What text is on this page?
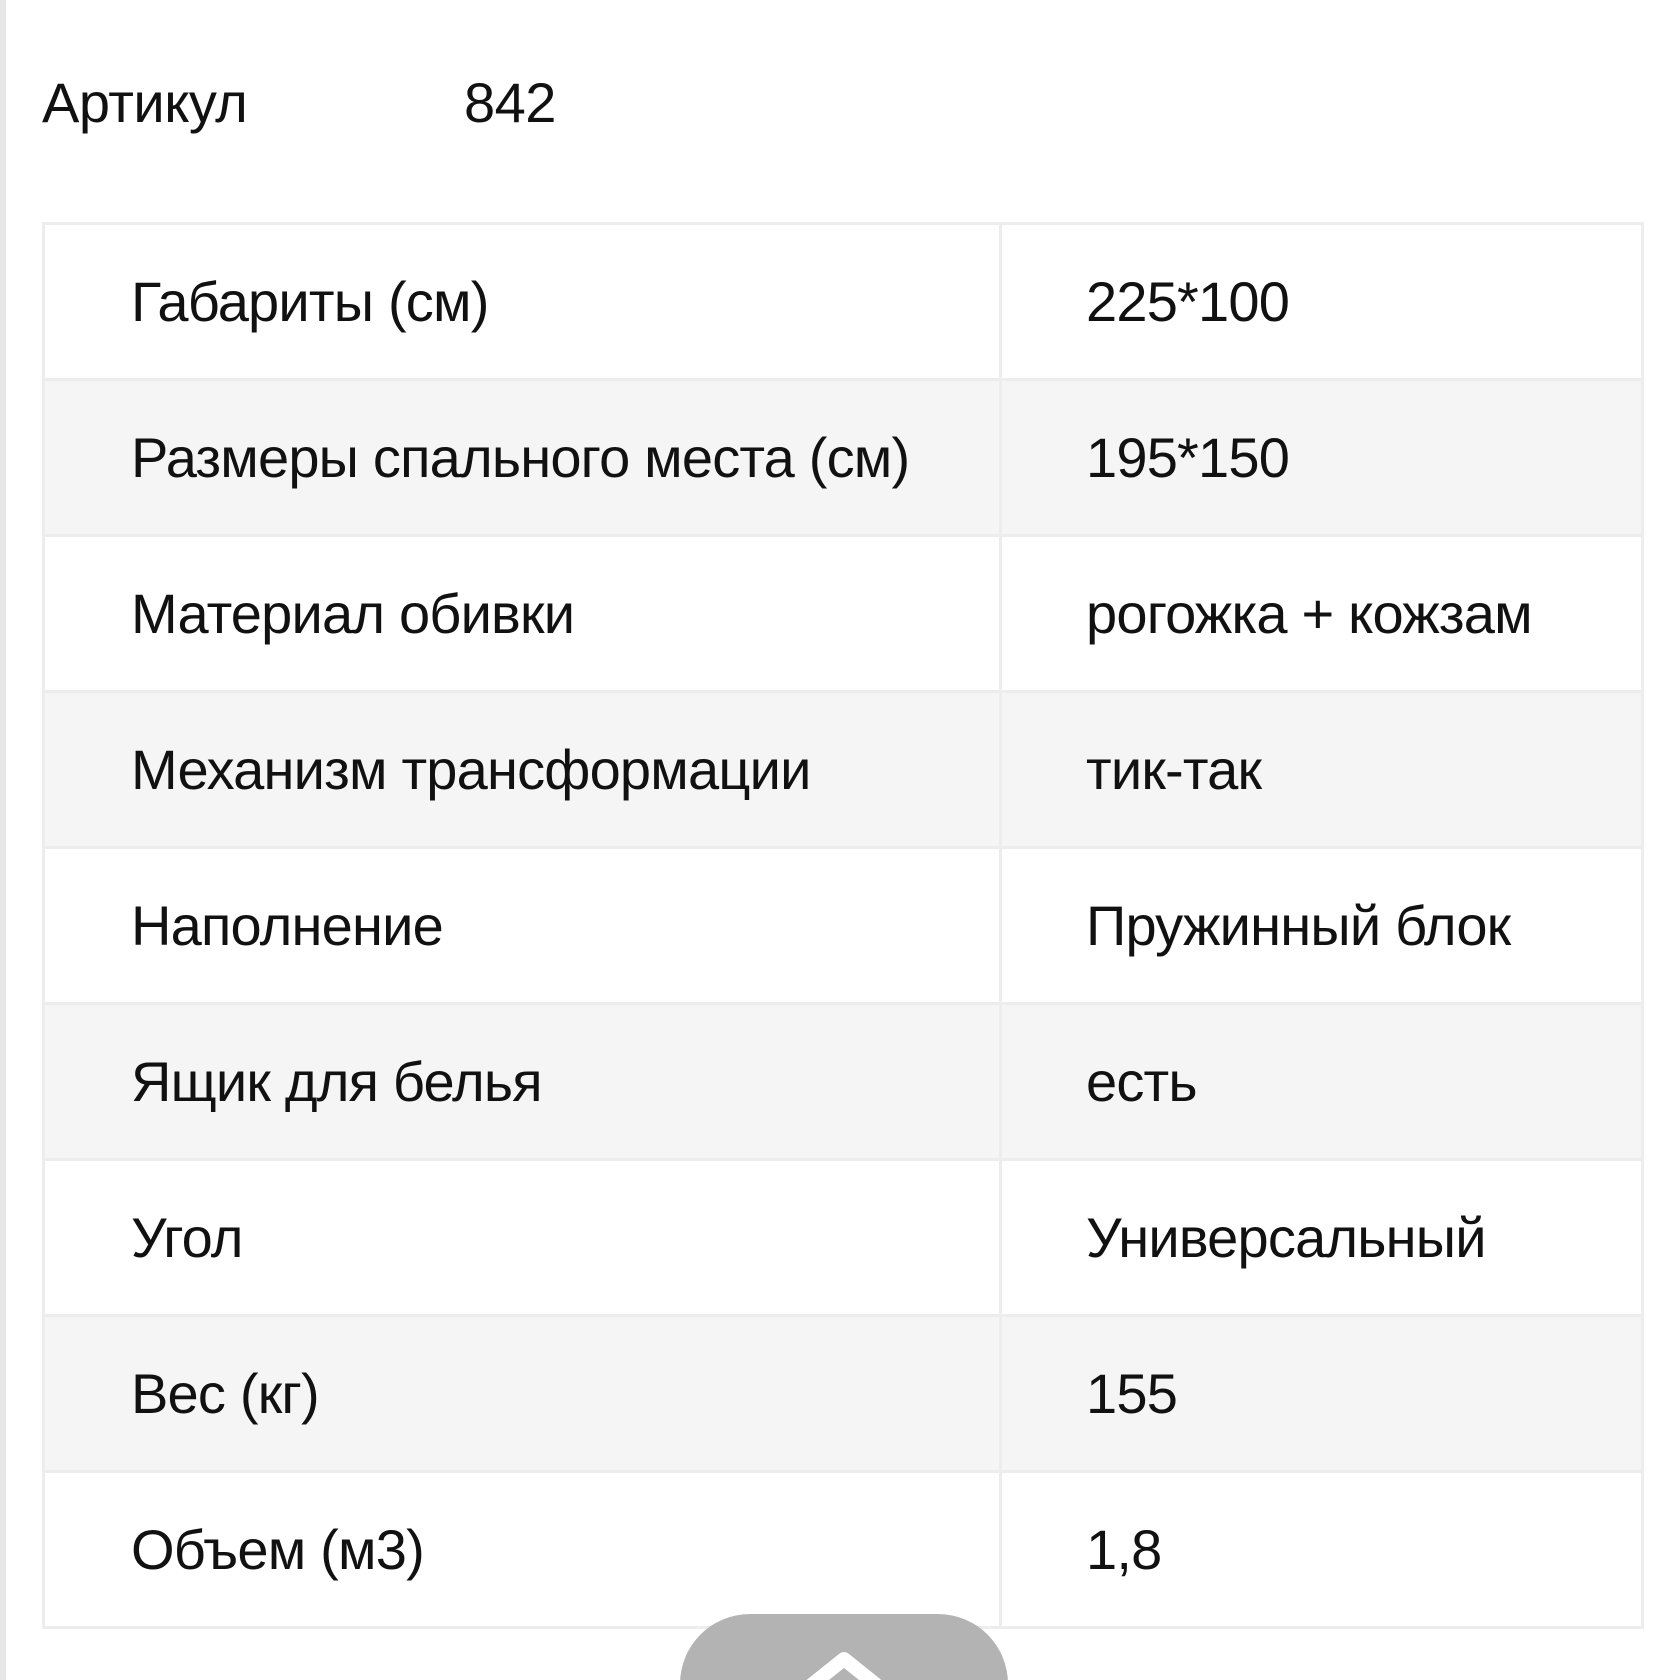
Артикул	842
Габариты (см)	225*100
Размеры спального места (см)	195*150
Материал обивки	рогожка + кожзам
Механизм трансформации	тик-так
Наполнение	Пружинный блок
Ящик для белья	есть
Угол	Универсальный
Вес (кг)	155
Объем (м3)	1,8
